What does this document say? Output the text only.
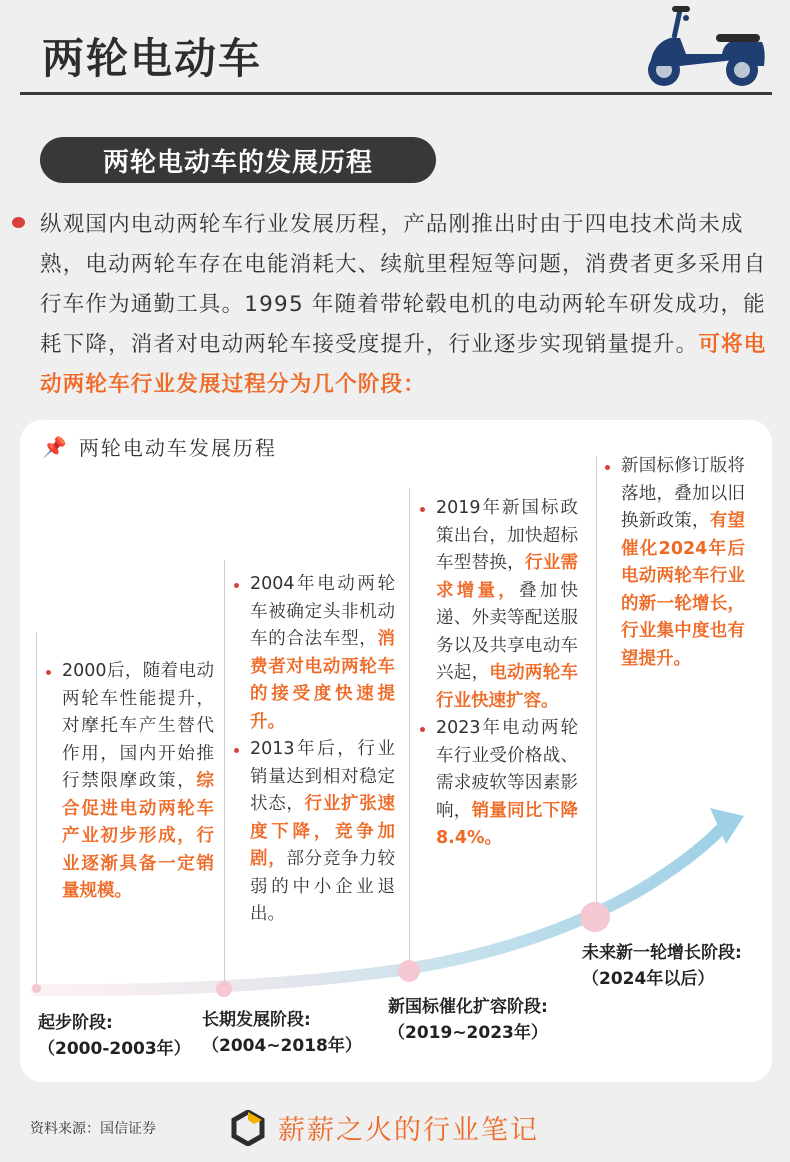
两轮电动车
两轮电动车的发展历程
纵观国内电动两轮车行业发展历程，产品刚推出时由于四电技术尚未成熟，电动两轮车存在电能消耗大、续航里程短等问题，消费者更多采用自行车作为通勤工具。1995 年随着带轮毂电机的电动两轮车研发成功，能耗下降，消者对电动两轮车接受度提升，行业逐步实现销量提升。可将电动两轮车行业发展过程分为几个阶段：
📌 两轮电动车发展历程

2000后，随着电动两轮车性能提升，对摩托车产生替代作用，国内开始推行禁限摩政策，综合促进电动两轮车产业初步形成，行业逐渐具备一定销量规模。

2004年电动两轮车被确定头非机动车的合法车型，消费者对电动两轮车的接受度快速提升。

2013年后，行业销量达到相对稳定状态，行业扩张速度下降，竞争加剧，部分竞争力较弱的中小企业退出。

2019年新国标政策出台，加快超标车型替换，行业需求增量，叠加快递、外卖等配送服务以及共享电动车兴起，电动两轮车行业快速扩容。

2023年电动两轮车行业受价格战、需求疲软等因素影响，销量同比下降8.4%。

新国标修订版将落地，叠加以旧换新政策，有望催化2024年后电动两轮车行业的新一轮增长，行业集中度也有望提升。

起步阶段:
（2000-2003年）
长期发展阶段:
（2004~2018年）
新国标催化扩容阶段:
（2019~2023年）
未来新一轮增长阶段:
（2024年以后）
资料来源：国信证券	薪薪之火的行业笔记
